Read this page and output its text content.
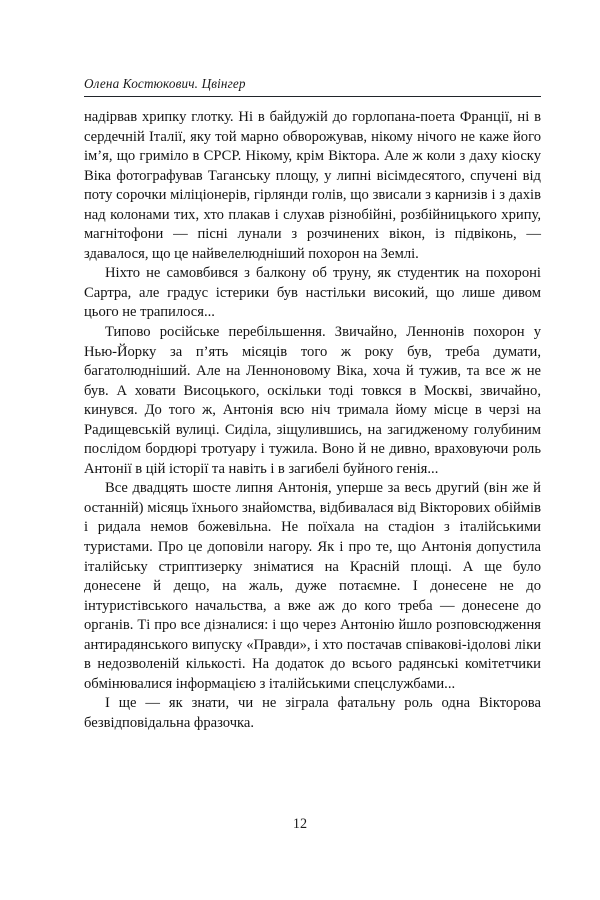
Олена Костюкович. Цвінгер

надірвав хрипку глотку. Ні в байдужій до горлопана-поета Франції, ні в сердечній Італії, яку той марно обворожував, нікому нічого не каже його ім’я, що гриміло в СРСР. Нікому, крім Віктора. Але ж коли з даху кіоску Віка фотографував Таганську площу, у липні вісімдесятого, спучені від поту сорочки міліціонерів, гірлянди голів, що звисали з карнизів і з дахів над колонами тих, хто плакав і слухав різнобійні, розбійницького хрипу, магнітофони — пісні лунали з розчинених вікон, із підвіконь, — здавалося, що це найвелелюдніший похорон на Землі.

Ніхто не самовбився з балкону об труну, як студентик на похороні Сартра, але градус істерики був настільки високий, що лише дивом цього не трапилося...

Типово російське перебільшення. Звичайно, Леннонів похорон у Нью-Йорку за п’ять місяців того ж року був, треба думати, багатолюдніший. Але на Ленноновому Віка, хоча й тужив, та все ж не був. А ховати Висоцького, оскільки тоді товкся в Москві, звичайно, кинувся. До того ж, Антонія всю ніч тримала йому місце в черзі на Радищевській вулиці. Сиділа, зіщулившись, на загидженому голубиним послідом бордюрі тротуару і тужила. Воно й не дивно, враховуючи роль Антонії в цій історії та навіть і в загибелі буйного генія...

Все двадцять шосте липня Антонія, уперше за весь другий (він же й останній) місяць їхнього знайомства, відбивалася від Вікторових обіймів і ридала немов божевільна. Не поїхала на стадіон з італійськими туристами. Про це доповіли нагору. Як і про те, що Антонія допустила італійську стриптизерку зніматися на Красній площі. А ще було донесене й дещо, на жаль, дуже потаємне. І донесене не до інтуристівського начальства, а вже аж до кого треба — донесене до органів. Ті про все дізналися: і що через Антонію йшло розповсюдження антирадянського випуску «Правди», і хто постачав співакові-ідолові ліки в недозволеній кількості. На додаток до всього радянські комітетчики обмінювалися інформацією з італійськими спецслужбами...

І ще — як знати, чи не зіграла фатальну роль одна Вікторова безвідповідальна фразочка.

12
